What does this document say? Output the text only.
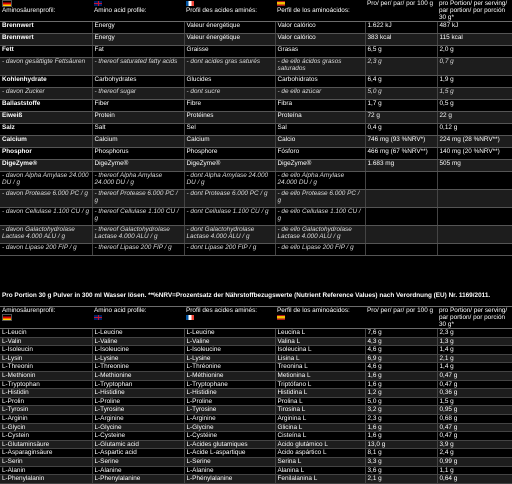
Aminosäurenprofil:	Amino acid profile:	Profil des acides aminés:	Perfil de los aminoácidos:	Pro/ per/ par/ por 100 g	pro Portion/ per serving/ par portion/ por porción 30 g*
Brennwert	Energy	Valeur énergétique	Valor calórico	1.622 kJ	487 kJ
Brennwert	Energy	Valeur énergétique	Valor calórico	383 kcal	115 kcal
Fett	Fat	Graisse	Grasas	6,5 g	2,0 g
- davon gesättigte Fettsäuren	- thereof saturated fatty acids	- dont acides gras saturés	- de ello ácidos grasos saturados	2,3 g	0,7 g
Kohlenhydrate	Carbohydrates	Glucides	Carbohidratos	6,4 g	1,9 g
- davon Zucker	- thereof sugar	- dont sucre	- de ello azúcar	5,0 g	1,5 g
Ballaststoffe	Fiber	Fibre	Fibra	1,7 g	0,5 g
Eiweiß	Protein	Protéines	Proteína	72 g	22 g
Salz	Salt	Sel	Sal	0,4 g	0,12 g
Calcium	Calcium	Calcium	Calcio	746 mg (93 %NRV*)	224 mg (28 %NRV**)
Phosphor	Phosphorus	Phosphore	Fósforo	466 mg (67 %NRV**)	140 mg (20 %NRV**)
DigeZyme®	DigeZyme®	DigeZyme®	DigeZyme®	1.683 mg	505 mg
- davon Alpha Amylase 24.000 DU / g	- thereof Alpha Amylase 24.000 DU / g	- dont Alpha Amylase 24.000 DU / g	- de ello Alpha Amylase 24.000 DU / g		
- davon Protease 6.000 PC / g	- thereof Protease 6.000 PC / g	- dont Protease 6.000 PC / g	- de ello Protease 6.000 PC / g		
- davon Cellulase 1.100 CU / g	- thereof Cellulase 1.100 CU / g	- dont Cellulase 1.100 CU / g	- de ello Cellulase 1.100 CU / g		
- davon Galactohydrolase Lactase 4.000 ALU / g	- thereof Galactohydrolase Lactase 4.000 ALU / g	- dont Galactohydrolase Lactase 4.000 ALU / g	- de ello Galactohydrolase Lactase 4.000 ALU / g		
- davon Lipase 200 FIP / g	- thereof Lipase 200 FIP / g	- dont Lipase 200 FIP / g	- de ello Lipase 200 FIP / g		
Pro Portion 30 g Pulver in 300 ml Wasser lösen. **%NRV=Prozentsatz der Nährstoffbezugswerte (Nutrient Reference Values) nach Verordnung (EU) Nr. 1169/2011.
Aminosäurenprofil:	Amino acid profile:	Profil des acides aminés:	Perfil de los aminoácidos:	Pro/ per/ par/ por 100 g	pro Portion/ per serving/ par portion/ por porción 30 g*
L-Leucin	L-Leucine	L-Leucine	Leucina L	7,6 g	2,3 g
L-Valin	L-Valine	L-Valine	Valina L	4,3 g	1,3 g
L-Isoleucin	L-Isoleucine	L-Isoleucine	Isoleucina L	4,6 g	1,4 g
L-Lysin	L-Lysine	L-Lysine	Lisina L	6,9 g	2,1 g
L-Threonin	L-Threonine	L-Thréonine	Treonina L	4,6 g	1,4 g
L-Methionin	L-Methionine	L-Méthionine	Metionina L	1,6 g	0,47 g
L-Tryptophan	L-Tryptophan	L-Tryptophane	Triptófano L	1,6 g	0,47 g
L-Histidin	L-Histidine	L-Histidine	Histidina L	1,2 g	0,36 g
L-Prolin	L-Proline	L-Proline	Prolina L	5,0 g	1,5 g
L-Tyrosin	L-Tyrosine	L-Tyrosine	Tirosina L	3,2 g	0,95 g
L-Arginin	L-Arginine	L-Arginine	Arginina L	2,3 g	0,68 g
L-Glycin	L-Glycine	L-Glycine	Glicina L	1,6 g	0,47 g
L-Cystein	L-Cysteine	L-Cystéine	Cisteína L	1,6 g	0,47 g
L-Glutaminsäure	L-Glutamic acid	L-Acides glutamiques	Ácido glutámico L	13,0 g	3,9 g
L-Asparaginsäure	L-Aspartic acid	L-Acide L-aspartique	Ácido aspártico L	8,1 g	2,4 g
L-Serin	L-Serine	L-Serine	Serina L	3,3 g	0,99 g
L-Alanin	L-Alanine	L-Alanine	Alanina L	3,6 g	1,1 g
L-Phenylalanin	L-Phenylalanine	L-Phénylalanine	Fenilalanina L	2,1 g	0,64 g
